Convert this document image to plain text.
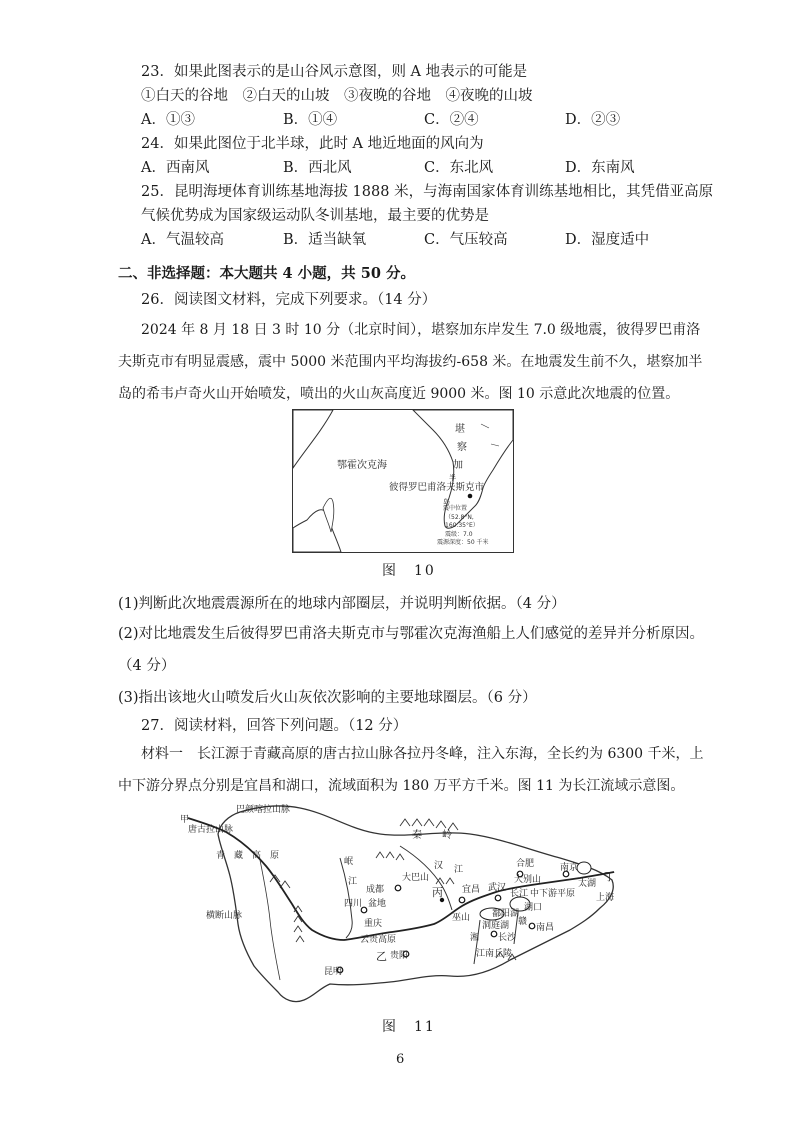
23．如果此图表示的是山谷风示意图，则 A 地表示的可能是
①白天的谷地　②白天的山坡　③夜晚的谷地　④夜晚的山坡
A．①③	B．①④	C．②④	D．②③
24．如果此图位于北半球，此时 A 地近地面的风向为
A．西南风	B．西北风	C．东北风	D．东南风
25．昆明海埂体育训练基地海拔 1888 米，与海南国家体育训练基地相比，其凭借亚高原
气候优势成为国家级运动队冬训基地，最主要的优势是
A．气温较高	B．适当缺氧	C．气压较高	D．湿度适中
二、非选择题：本大题共 4 小题，共 50 分。
26．阅读图文材料，完成下列要求。（14 分）
2024 年 8 月 18 日 3 时 10 分（北京时间），堪察加东岸发生 7.0 级地震，彼得罗巴甫洛
夫斯克市有明显震感，震中 5000 米范围内平均海拔约-658 米。在地震发生前不久，堪察加半
岛的希韦卢奇火山开始喷发，喷出的火山灰高度近 9000 米。图 10 示意此次地震的位置。
鄂霍次克海
堪
察
加
半
岛
彼得罗巴甫洛夫斯克市
震中位置
（52.8°N,
160.35°E）
震级：7.0
震源深度：50 千米
图　10
(1)判断此次地震震源所在的地球内部圈层，并说明判断依据。（4 分）
(2)对比地震发生后彼得罗巴甫洛夫斯克市与鄂霍次克海渔船上人们感觉的差异并分析原因。
（4 分）
(3)指出该地火山喷发后火山灰依次影响的主要地球圈层。（6 分）
27．阅读材料，回答下列问题。（12 分）
材料一　长江源于青藏高原的唐古拉山脉各拉丹冬峰，注入东海，全长约为 6300 千米，上
中下游分界点分别是宜昌和湖口，流域面积为 180 万平方千米。图 11 为长江流域示意图。
巴颜喀拉山脉
甲
唐古拉山脉
青　藏　高　原
秦　　岭
横断山脉
岷
江
汉 江
大巴山
成都
四川 盆地
重庆
宜昌
巫山
丙	武汉
合肥
大别山
南京
太湖
长江 中下游平原
丁
湖口
上海
鄱阳湖
洞庭湖 赣
长沙
南昌
湘
江南丘陵
云贵高原
乙 贵阳
昆明
图　11
6
